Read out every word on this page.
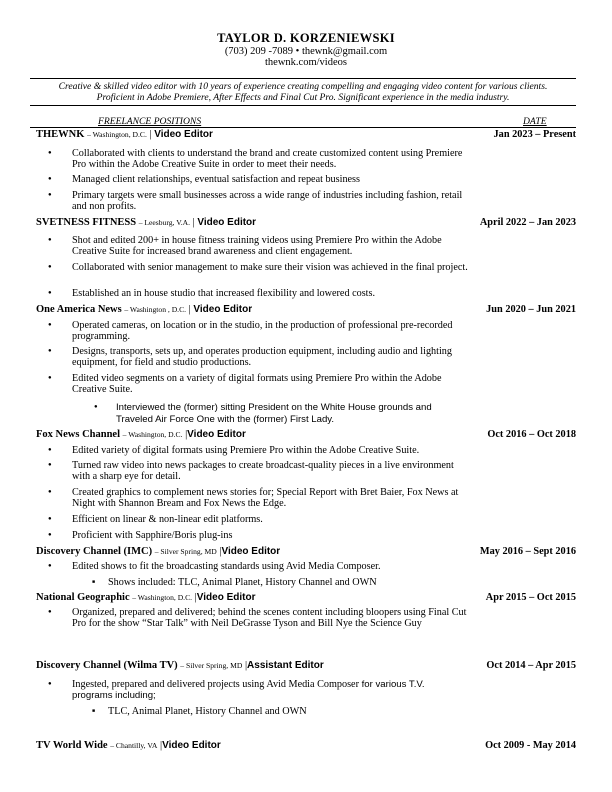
TAYLOR D. KORZENIEWSKI
(703) 209 -7089 • thewnk@gmail.com
thewnk.com/videos
Creative & skilled video editor with 10 years of experience creating compelling and engaging video content for various clients.
Proficient in Adobe Premiere, After Effects and Final Cut Pro. Significant experience in the media industry.
FREELANCE POSITIONS	DATE
THEWNK – Washington, D.C. | Video Editor	Jan 2023 – Present
● Collaborated with clients to understand the brand and create customized content using Premiere Pro within the Adobe Creative Suite in order to meet their needs.
● Managed client relationships, eventual satisfaction and repeat business
● Primary targets were small businesses across a wide range of industries including fashion, retail and non profits.
SVETNESS FITNESS – Leesburg, V.A. | Video Editor	April 2022 – Jan 2023
● Shot and edited 200+ in house fitness training videos using Premiere Pro within the Adobe Creative Suite for increased brand awareness and client engagement.
● Collaborated with senior management to make sure their vision was achieved in the final project.
● Established an in house studio that increased flexibility and lowered costs.
One America News – Washington , D.C. | Video Editor	Jun 2020 – Jun 2021
● Operated cameras, on location or in the studio, in the production of professional pre-recorded programming.
● Designs, transports, sets up, and operates production equipment, including audio and lighting equipment, for field and studio productions.
● Edited video segments on a variety of digital formats using Premiere Pro within the Adobe Creative Suite.
● Interviewed the (former) sitting President on the White House grounds and Traveled Air Force One with the (former) First Lady.
Fox News Channel – Washington, D.C. |Video Editor	Oct 2016 – Oct 2018
● Edited variety of digital formats using Premiere Pro within the Adobe Creative Suite.
● Turned raw video into news packages to create broadcast-quality pieces in a live environment with a sharp eye for detail.
● Created graphics to complement news stories for; Special Report with Bret Baier, Fox News at Night with Shannon Bream and Fox News the Edge.
● Efficient on linear & non-linear edit platforms.
● Proficient with Sapphire/Boris plug-ins
Discovery Channel (IMC) – Silver Spring, MD |Video Editor	May 2016 – Sept 2016
● Edited shows to fit the broadcasting standards using Avid Media Composer.
■ Shows included: TLC, Animal Planet, History Channel and OWN
National Geographic – Washington, D.C. |Video Editor	Apr 2015 – Oct 2015
● Organized, prepared and delivered; behind the scenes content including bloopers using Final Cut Pro for the show “Star Talk” with Neil DeGrasse Tyson and Bill Nye the Science Guy
Discovery Channel (Wilma TV) – Silver Spring, MD |Assistant Editor	Oct 2014 – Apr 2015
● Ingested, prepared and delivered projects using Avid Media Composer for various T.V.
programs including;
■ TLC, Animal Planet, History Channel and OWN
TV World Wide – Chantilly, VA |Video Editor	Oct 2009 - May 2014
